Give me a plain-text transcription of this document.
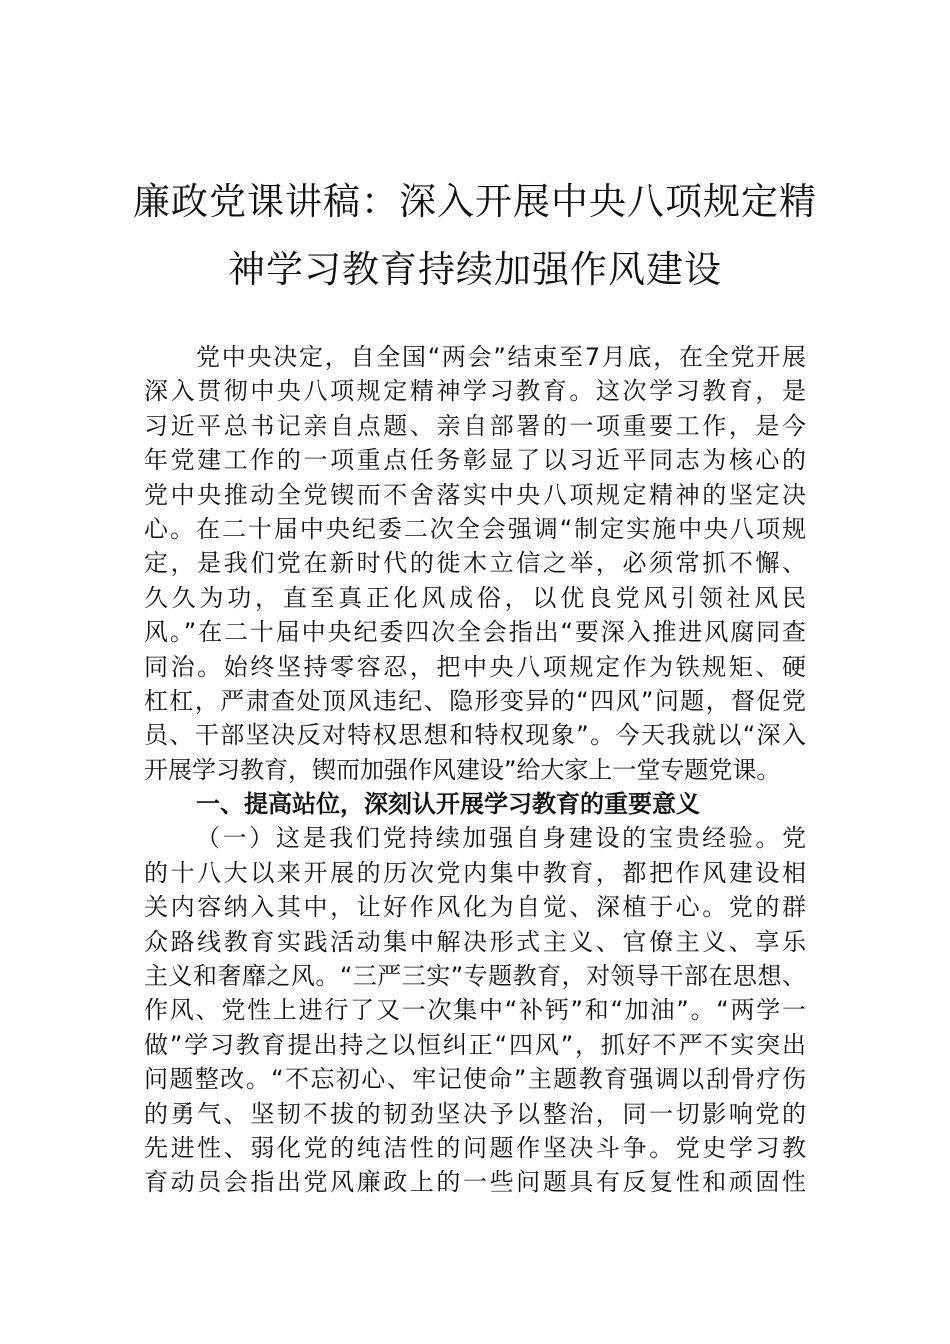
廉政党课讲稿：深入开展中央八项规定精
神学习教育持续加强作风建设
党中央决定，自全国“两会”结束至7月底，在全党开展
深入贯彻中央八项规定精神学习教育。这次学习教育，是
习近平总书记亲自点题、亲自部署的一项重要工作，是今
年党建工作的一项重点任务彰显了以习近平同志为核心的
党中央推动全党锲而不舍落实中央八项规定精神的坚定决
心。在二十届中央纪委二次全会强调“制定实施中央八项规
定，是我们党在新时代的徙木立信之举，必须常抓不懈、
久久为功，直至真正化风成俗，以优良党风引领社风民
风。”在二十届中央纪委四次全会指出“要深入推进风腐同查
同治。始终坚持零容忍，把中央八项规定作为铁规矩、硬
杠杠，严肃查处顶风违纪、隐形变异的“四风”问题，督促党
员、干部坚决反对特权思想和特权现象”。今天我就以“深入
开展学习教育，锲而加强作风建设”给大家上一堂专题党课。
一、提高站位，深刻认开展学习教育的重要意义
（一）这是我们党持续加强自身建设的宝贵经验。党
的十八大以来开展的历次党内集中教育，都把作风建设相
关内容纳入其中，让好作风化为自觉、深植于心。党的群
众路线教育实践活动集中解决形式主义、官僚主义、享乐
主义和奢靡之风。“三严三实”专题教育，对领导干部在思想、
作风、党性上进行了又一次集中“补钙”和“加油”。“两学一
做”学习教育提出持之以恒纠正“四风”，抓好不严不实突出
问题整改。“不忘初心、牢记使命”主题教育强调以刮骨疗伤
的勇气、坚韧不拔的韧劲坚决予以整治，同一切影响党的
先进性、弱化党的纯洁性的问题作坚决斗争。党史学习教
育动员会指出党风廉政上的一些问题具有反复性和顽固性
